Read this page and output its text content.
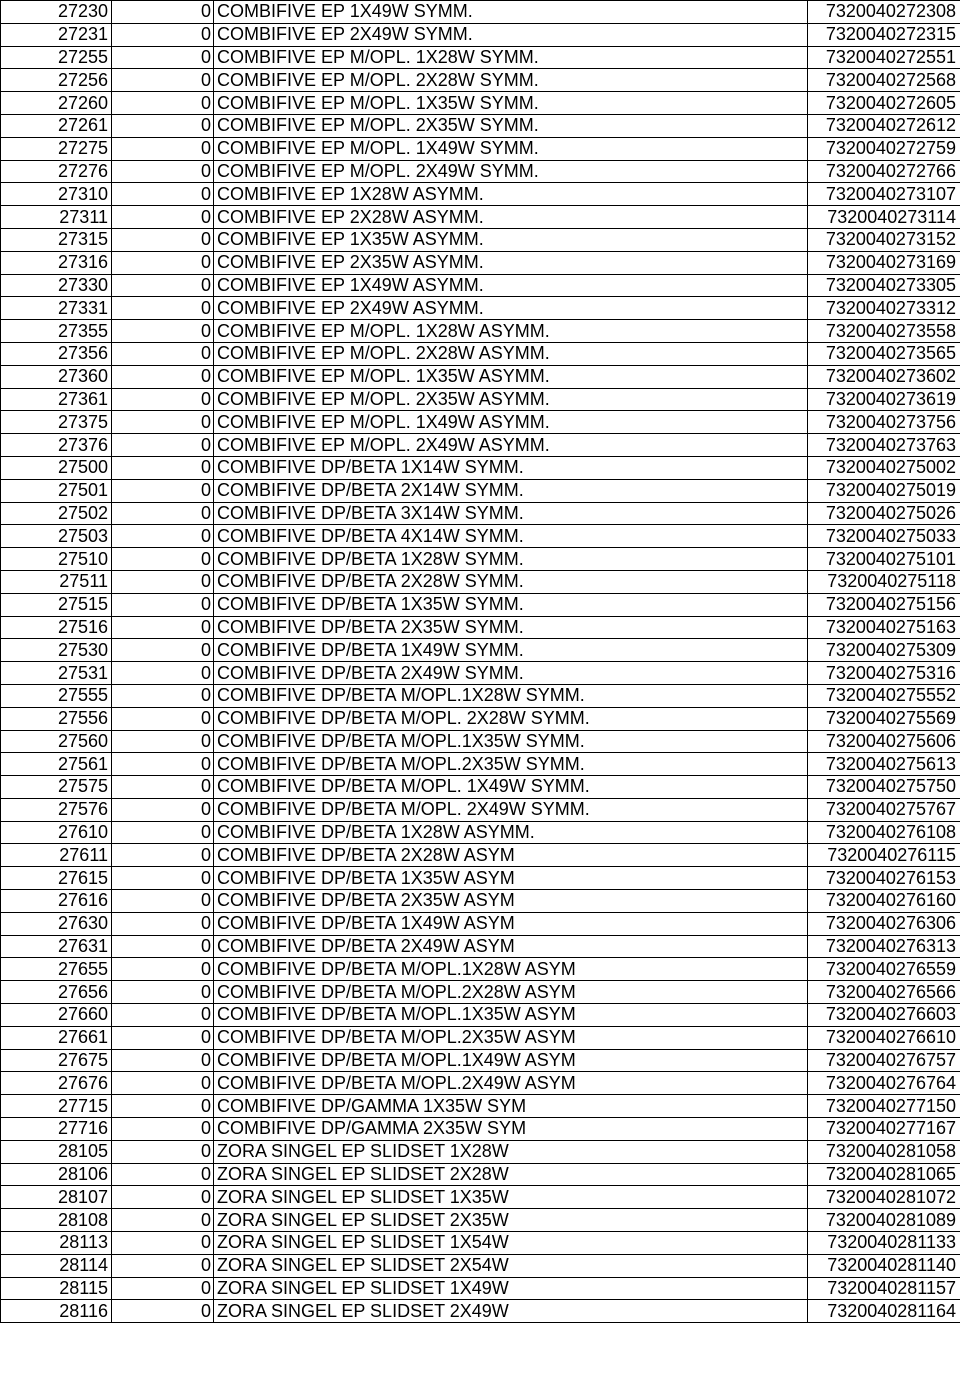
27230	0	COMBIFIVE EP 1X49W SYMM.	7320040272308
27231	0	COMBIFIVE EP 2X49W SYMM.	7320040272315
27255	0	COMBIFIVE EP M/OPL. 1X28W SYMM.	7320040272551
27256	0	COMBIFIVE EP M/OPL. 2X28W SYMM.	7320040272568
27260	0	COMBIFIVE EP M/OPL. 1X35W SYMM.	7320040272605
27261	0	COMBIFIVE EP M/OPL. 2X35W SYMM.	7320040272612
27275	0	COMBIFIVE EP M/OPL. 1X49W SYMM.	7320040272759
27276	0	COMBIFIVE EP M/OPL. 2X49W SYMM.	7320040272766
27310	0	COMBIFIVE EP 1X28W ASYMM.	7320040273107
27311	0	COMBIFIVE EP 2X28W ASYMM.	7320040273114
27315	0	COMBIFIVE EP 1X35W ASYMM.	7320040273152
27316	0	COMBIFIVE EP 2X35W ASYMM.	7320040273169
27330	0	COMBIFIVE EP 1X49W ASYMM.	7320040273305
27331	0	COMBIFIVE EP 2X49W ASYMM.	7320040273312
27355	0	COMBIFIVE EP M/OPL. 1X28W ASYMM.	7320040273558
27356	0	COMBIFIVE EP M/OPL. 2X28W ASYMM.	7320040273565
27360	0	COMBIFIVE EP M/OPL. 1X35W ASYMM.	7320040273602
27361	0	COMBIFIVE EP M/OPL. 2X35W ASYMM.	7320040273619
27375	0	COMBIFIVE EP M/OPL. 1X49W ASYMM.	7320040273756
27376	0	COMBIFIVE EP M/OPL. 2X49W ASYMM.	7320040273763
27500	0	COMBIFIVE DP/BETA 1X14W SYMM.	7320040275002
27501	0	COMBIFIVE DP/BETA 2X14W SYMM.	7320040275019
27502	0	COMBIFIVE DP/BETA 3X14W SYMM.	7320040275026
27503	0	COMBIFIVE DP/BETA 4X14W SYMM.	7320040275033
27510	0	COMBIFIVE DP/BETA 1X28W SYMM.	7320040275101
27511	0	COMBIFIVE DP/BETA 2X28W SYMM.	7320040275118
27515	0	COMBIFIVE DP/BETA 1X35W SYMM.	7320040275156
27516	0	COMBIFIVE DP/BETA 2X35W SYMM.	7320040275163
27530	0	COMBIFIVE DP/BETA 1X49W SYMM.	7320040275309
27531	0	COMBIFIVE DP/BETA 2X49W SYMM.	7320040275316
27555	0	COMBIFIVE DP/BETA M/OPL.1X28W SYMM.	7320040275552
27556	0	COMBIFIVE DP/BETA M/OPL. 2X28W SYMM.	7320040275569
27560	0	COMBIFIVE DP/BETA M/OPL.1X35W SYMM.	7320040275606
27561	0	COMBIFIVE DP/BETA M/OPL.2X35W SYMM.	7320040275613
27575	0	COMBIFIVE DP/BETA M/OPL. 1X49W SYMM.	7320040275750
27576	0	COMBIFIVE DP/BETA M/OPL. 2X49W SYMM.	7320040275767
27610	0	COMBIFIVE DP/BETA 1X28W ASYMM.	7320040276108
27611	0	COMBIFIVE DP/BETA 2X28W ASYM	7320040276115
27615	0	COMBIFIVE DP/BETA 1X35W ASYM	7320040276153
27616	0	COMBIFIVE DP/BETA 2X35W ASYM	7320040276160
27630	0	COMBIFIVE DP/BETA 1X49W ASYM	7320040276306
27631	0	COMBIFIVE DP/BETA 2X49W ASYM	7320040276313
27655	0	COMBIFIVE DP/BETA M/OPL.1X28W ASYM	7320040276559
27656	0	COMBIFIVE DP/BETA M/OPL.2X28W ASYM	7320040276566
27660	0	COMBIFIVE DP/BETA M/OPL.1X35W ASYM	7320040276603
27661	0	COMBIFIVE DP/BETA M/OPL.2X35W ASYM	7320040276610
27675	0	COMBIFIVE DP/BETA M/OPL.1X49W ASYM	7320040276757
27676	0	COMBIFIVE DP/BETA M/OPL.2X49W ASYM	7320040276764
27715	0	COMBIFIVE DP/GAMMA 1X35W SYM	7320040277150
27716	0	COMBIFIVE DP/GAMMA 2X35W SYM	7320040277167
28105	0	ZORA SINGEL EP SLIDSET 1X28W	7320040281058
28106	0	ZORA SINGEL EP SLIDSET 2X28W	7320040281065
28107	0	ZORA SINGEL EP SLIDSET 1X35W	7320040281072
28108	0	ZORA SINGEL EP SLIDSET 2X35W	7320040281089
28113	0	ZORA SINGEL EP SLIDSET 1X54W	7320040281133
28114	0	ZORA SINGEL EP SLIDSET 2X54W	7320040281140
28115	0	ZORA SINGEL EP SLIDSET 1X49W	7320040281157
28116	0	ZORA SINGEL EP SLIDSET 2X49W	7320040281164
